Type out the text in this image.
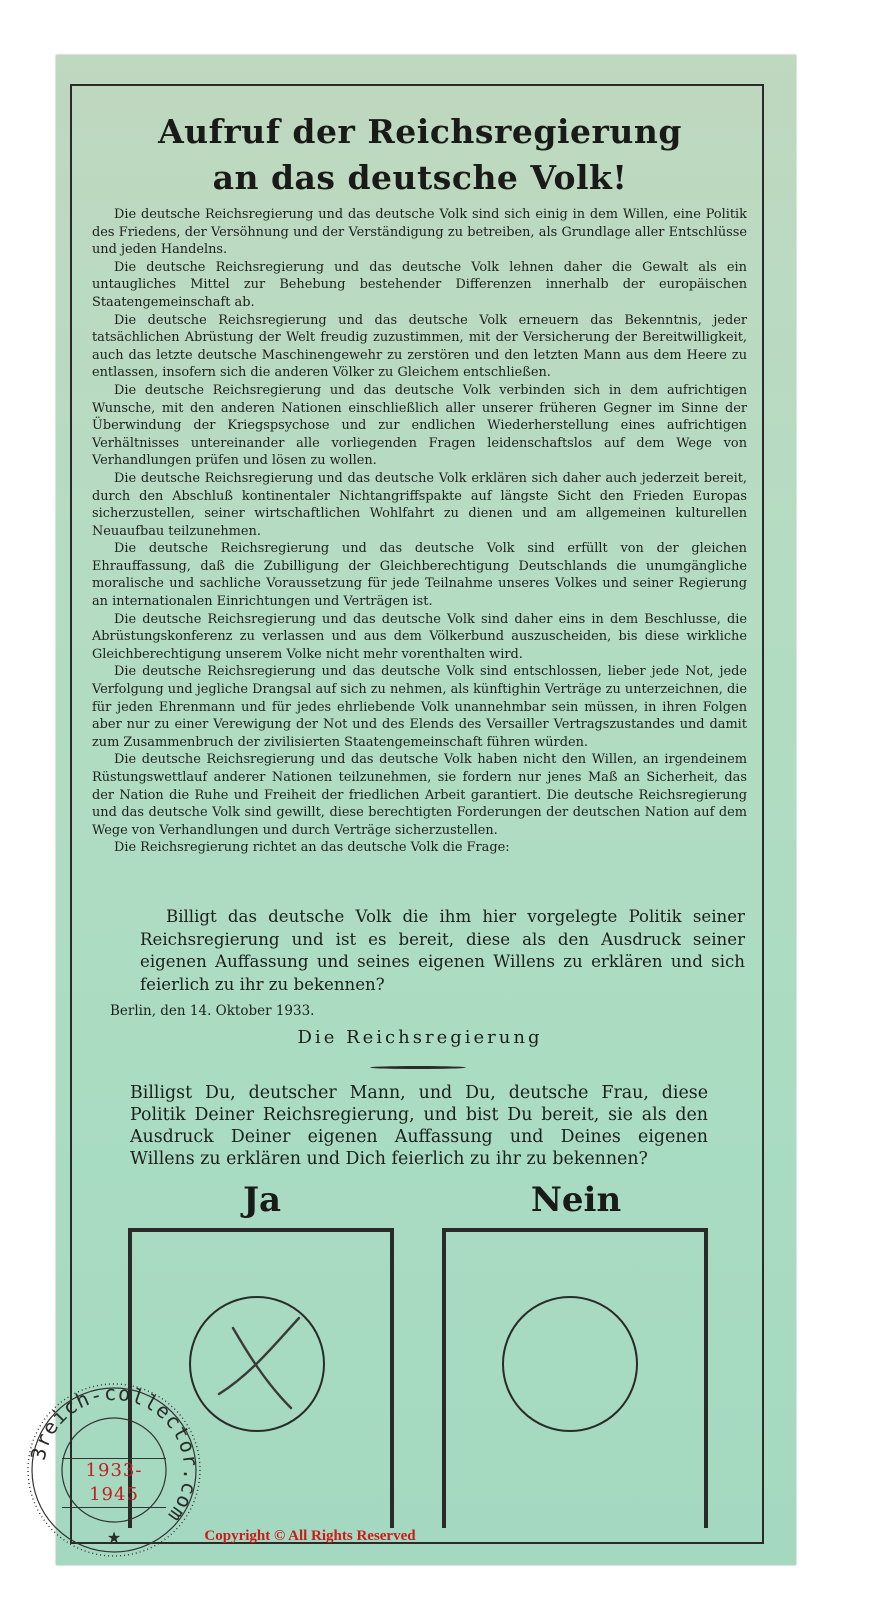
Aufruf der Reichsregierung
an das deutsche Volk!

Die deutsche Reichsregierung und das deutsche Volk sind sich einig in dem Willen, eine Politik des Friedens, der Versöhnung und der Verständigung zu betreiben, als Grundlage aller Entschlüsse und jeden Handelns.

Die deutsche Reichsregierung und das deutsche Volk lehnen daher die Gewalt als ein untaugliches Mittel zur Behebung bestehender Differenzen innerhalb der europäischen Staatengemeinschaft ab.

Die deutsche Reichsregierung und das deutsche Volk erneuern das Bekenntnis, jeder tatsächlichen Abrüstung der Welt freudig zuzustimmen, mit der Versicherung der Bereitwilligkeit, auch das letzte deutsche Maschinengewehr zu zerstören und den letzten Mann aus dem Heere zu entlassen, insofern sich die anderen Völker zu Gleichem entschließen.

Die deutsche Reichsregierung und das deutsche Volk verbinden sich in dem aufrichtigen Wunsche, mit den anderen Nationen einschließlich aller unserer früheren Gegner im Sinne der Überwindung der Kriegspsychose und zur endlichen Wiederherstellung eines aufrichtigen Verhältnisses untereinander alle vorliegenden Fragen leidenschaftslos auf dem Wege von Verhandlungen prüfen und lösen zu wollen.

Die deutsche Reichsregierung und das deutsche Volk erklären sich daher auch jederzeit bereit, durch den Abschluß kontinentaler Nichtangriffspakte auf längste Sicht den Frieden Europas sicherzustellen, seiner wirtschaftlichen Wohlfahrt zu dienen und am allgemeinen kulturellen Neuaufbau teilzunehmen.

Die deutsche Reichsregierung und das deutsche Volk sind erfüllt von der gleichen Ehrauffassung, daß die Zubilligung der Gleichberechtigung Deutschlands die unumgängliche moralische und sachliche Voraussetzung für jede Teilnahme unseres Volkes und seiner Regierung an internationalen Einrichtungen und Verträgen ist.

Die deutsche Reichsregierung und das deutsche Volk sind daher eins in dem Beschlusse, die Abrüstungskonferenz zu verlassen und aus dem Völkerbund auszuscheiden, bis diese wirkliche Gleichberechtigung unserem Volke nicht mehr vorenthalten wird.

Die deutsche Reichsregierung und das deutsche Volk sind entschlossen, lieber jede Not, jede Verfolgung und jegliche Drangsal auf sich zu nehmen, als künftighin Verträge zu unterzeichnen, die für jeden Ehrenmann und für jedes ehrliebende Volk unannehmbar sein müssen, in ihren Folgen aber nur zu einer Verewigung der Not und des Elends des Versailler Vertragszustandes und damit zum Zusammenbruch der zivilisierten Staatengemeinschaft führen würden.

Die deutsche Reichsregierung und das deutsche Volk haben nicht den Willen, an irgendeinem Rüstungswettlauf anderer Nationen teilzunehmen, sie fordern nur jenes Maß an Sicherheit, das der Nation die Ruhe und Freiheit der friedlichen Arbeit garantiert. Die deutsche Reichsregierung und das deutsche Volk sind gewillt, diese berechtigten Forderungen der deutschen Nation auf dem Wege von Verhandlungen und durch Verträge sicherzustellen.

Die Reichsregierung richtet an das deutsche Volk die Frage:

Billigt das deutsche Volk die ihm hier vorgelegte Politik seiner Reichsregierung und ist es bereit, diese als den Ausdruck seiner eigenen Auffassung und seines eigenen Willens zu erklären und sich feierlich zu ihr zu bekennen?
Berlin, den 14. Oktober 1933.
Die Reichsregierung
Billigst Du, deutscher Mann, und Du, deutsche Frau, diese Politik Deiner Reichsregierung, und bist Du bereit, sie als den Ausdruck Deiner eigenen Auffassung und Deines eigenen Willens zu erklären und Dich feierlich zu ihr zu bekennen?
Ja	Nein
3reich-collector.com
★
1933-1945
Copyright © All Rights Reserved
